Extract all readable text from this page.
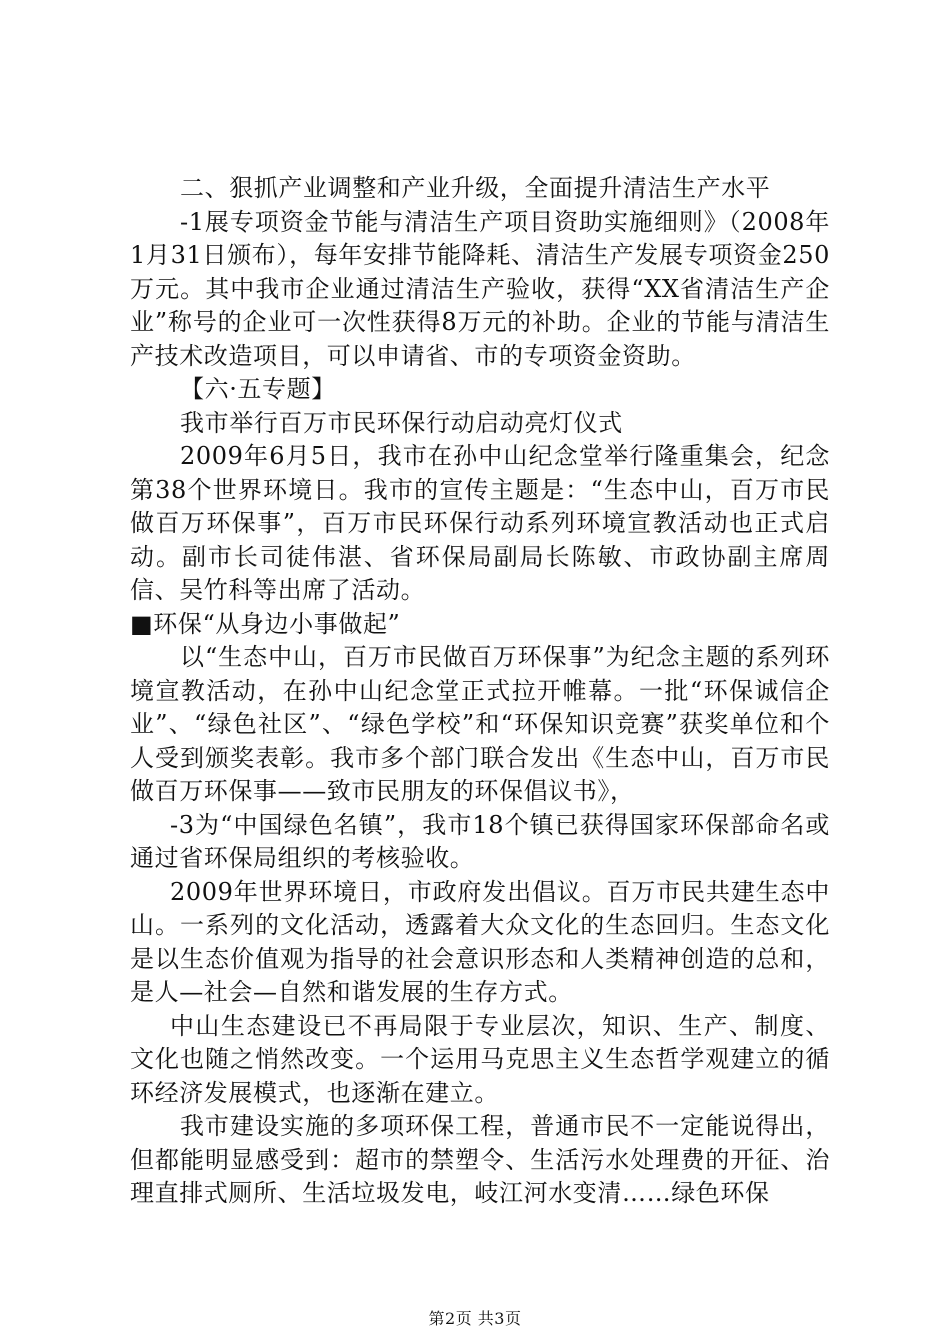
二、狠抓产业调整和产业升级，全面提升清洁生产水平

-1展专项资金节能与清洁生产项目资助实施细则》（2008年1月31日颁布），每年安排节能降耗、清洁生产发展专项资金250万元。其中我市企业通过清洁生产验收，获得“XX省清洁生产企业”称号的企业可一次性获得8万元的补助。企业的节能与清洁生产技术改造项目，可以申请省、市的专项资金资助。

【六·五专题】

我市举行百万市民环保行动启动亮灯仪式

2009年6月5日，我市在孙中山纪念堂举行隆重集会，纪念第38个世界环境日。我市的宣传主题是：“生态中山，百万市民做百万环保事”，百万市民环保行动系列环境宣教活动也正式启动。副市长司徒伟湛、省环保局副局长陈敏、市政协副主席周信、吴竹科等出席了活动。

■环保“从身边小事做起”

以“生态中山，百万市民做百万环保事”为纪念主题的系列环境宣教活动，在孙中山纪念堂正式拉开帷幕。一批“环保诚信企业”、“绿色社区”、“绿色学校”和“环保知识竞赛”获奖单位和个人受到颁奖表彰。我市多个部门联合发出《生态中山，百万市民做百万环保事——致市民朋友的环保倡议书》，

-3为“中国绿色名镇”，我市18个镇已获得国家环保部命名或通过省环保局组织的考核验收。

2009年世界环境日，市政府发出倡议。百万市民共建生态中山。一系列的文化活动，透露着大众文化的生态回归。生态文化是以生态价值观为指导的社会意识形态和人类精神创造的总和，是人—社会—自然和谐发展的生存方式。

中山生态建设已不再局限于专业层次，知识、生产、制度、文化也随之悄然改变。一个运用马克思主义生态哲学观建立的循环经济发展模式，也逐渐在建立。

我市建设实施的多项环保工程，普通市民不一定能说得出，但都能明显感受到：超市的禁塑令、生活污水处理费的开征、治理直排式厕所、生活垃圾发电，岐江河水变清……绿色环保

第2页 共3页
